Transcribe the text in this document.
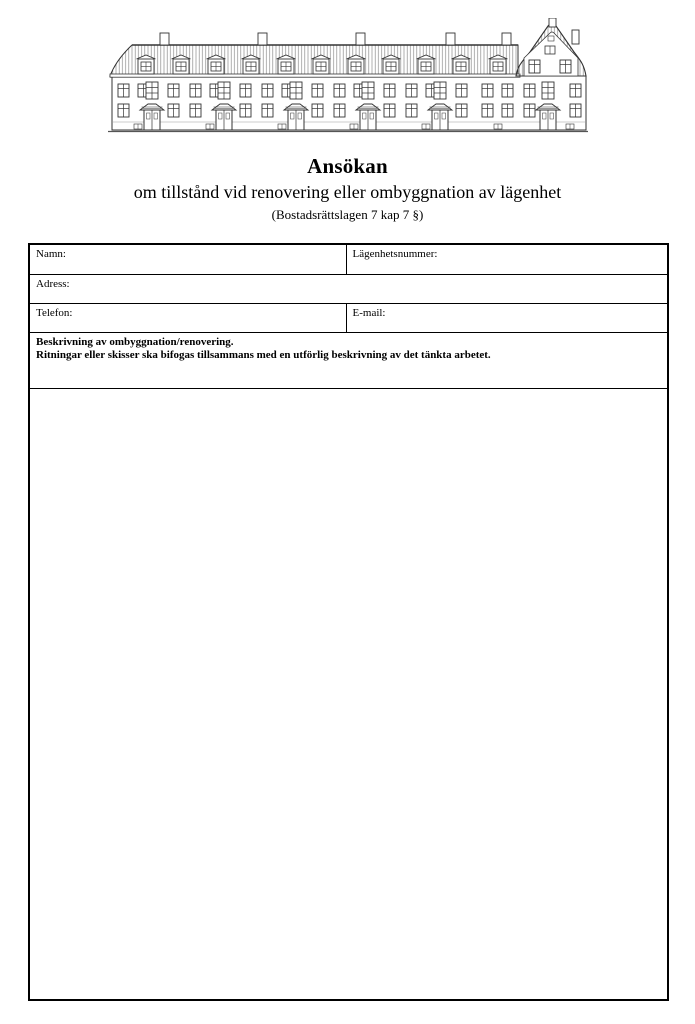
Ansökan
om tillstånd vid renovering eller ombyggnation av lägenhet
(Bostadsrättslagen 7 kap 7 §)
Namn:	Lägenhetsnummer:
Adress:	
Telefon:	E-mail:

Beskrivning av ombyggnation/renovering.

Ritningar eller skisser ska bifogas tillsammans med en utförlig beskrivning av det tänkta arbetet.	
